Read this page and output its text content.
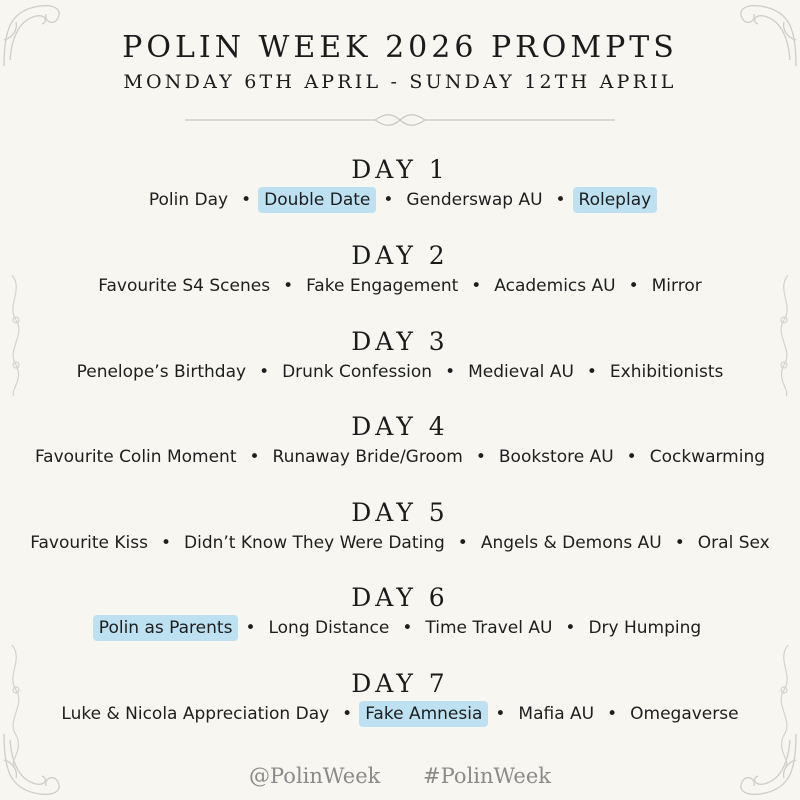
POLIN WEEK 2026 PROMPTS
MONDAY 6TH APRIL - SUNDAY 12TH APRIL
DAY 1
Polin Day • Double Date • Genderswap AU • Roleplay
DAY 2
Favourite S4 Scenes • Fake Engagement • Academics AU • Mirror
DAY 3
Penelope’s Birthday • Drunk Confession • Medieval AU • Exhibitionists
DAY 4
Favourite Colin Moment • Runaway Bride/Groom • Bookstore AU • Cockwarming
DAY 5
Favourite Kiss • Didn’t Know They Were Dating • Angels & Demons AU • Oral Sex
DAY 6
Polin as Parents • Long Distance • Time Travel AU • Dry Humping
DAY 7
Luke & Nicola Appreciation Day • Fake Amnesia • Mafia AU • Omegaverse
@PolinWeek #PolinWeek
